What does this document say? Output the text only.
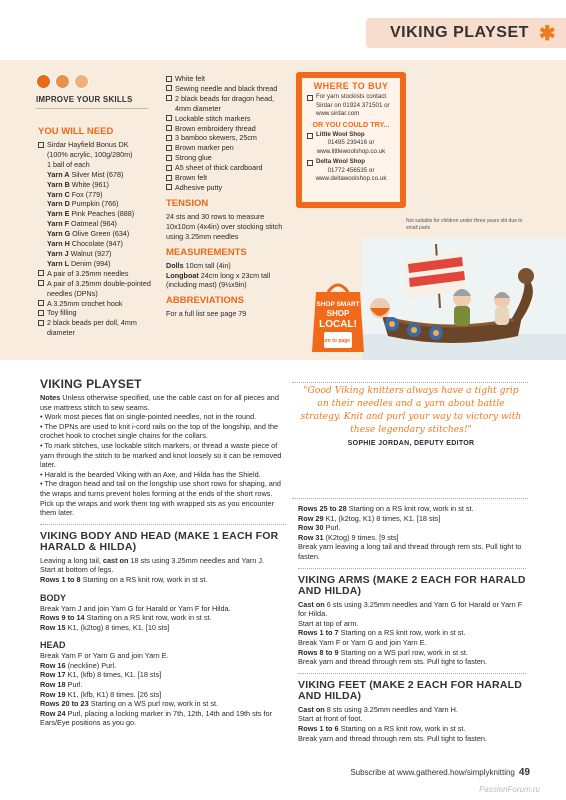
VIKING PLAYSET ✱
IMPROVE YOUR SKILLS
YOU WILL NEED
Sirdar Hayfield Bonus DK
(100% acrylic, 100g/280m)
1 ball of each
Yarn A Silver Mist (678)
Yarn B White (961)
Yarn C Fox (779)
Yarn D Pumpkin (766)
Yarn E Pink Peaches (888)
Yarn F Oatmeal (964)
Yarn G Olive Green (634)
Yarn H Chocolate (947)
Yarn J Walnut (927)
Yarn L Denim (994)
A pair of 3.25mm needles
A pair of 3.25mm double-pointed needles (DPNs)
A 3.25mm crochet hook
Toy filling
2 black beads per doll, 4mm diameter
White felt
Sewing needle and black thread
2 black beads for dragon head, 4mm diameter
Lockable stitch markers
Brown embroidery thread
3 bamboo skewers, 25cm
Brown marker pen
Strong glue
A5 sheet of thick cardboard
Brown felt
Adhesive putty
TENSION
24 sts and 30 rows to measure 10x10cm (4x4in) over stocking stitch using 3.25mm needles
MEASUREMENTS
Dolls 10cm tall (4in)
Longboat 24cm long x 23cm tall (including mast) (9½x9in)
ABBREVIATIONS
For a full list see page 79
WHERE TO BUY
For yarn stockists contact Sirdar on 01924 371501 or www.sirdar.com
OR YOU COULD TRY...
Little Wool Shop
01495 239416 or www.littlewoolshop.co.uk
Delta Wool Shop
01772 456535 or www.deltawoolshop.co.uk
Not suitable for children under three years old due to small parts
SHOP SMART
SHOP
LOCAL!
Turn to page 7!
"Good Viking knitters always have a tight grip on their needles and a yarn about battle strategy. Knit and purl your way to victory with these legendary stitches!"
SOPHIE JORDAN, DEPUTY EDITOR
VIKING PLAYSET

Notes Unless otherwise specified, use the cable cast on for all pieces and use mattress stitch to sew seams.

• Work most pieces flat on single-pointed needles, not in the round.

• The DPNs are used to knit i-cord rails on the top of the longship, and the crochet hook to crochet single chains for the collars.

• To mark stitches, use lockable stitch markers, or thread a waste piece of yarn through the stitch to be marked and knot loosely so it can be removed later.

• Harald is the bearded Viking with an Axe, and Hilda has the Shield.

• The dragon head and tail on the longship use short rows for shaping, and the wraps and turns prevent holes forming at the ends of the short rows. Pick up the wraps and work them tog with wrapped sts as you encounter them later.

VIKING BODY AND HEAD (MAKE 1 EACH FOR HARALD & HILDA)

Leaving a long tail, cast on 18 sts using 3.25mm needles and Yarn J.
Start at bottom of legs.

Rows 1 to 8 Starting on a RS knit row, work in st st.

BODY

Break Yarn J and join Yarn G for Harald or Yarn F for Hilda.

Rows 9 to 14 Starting on a RS knit row, work in st st.

Row 15 K1, (k2tog) 8 times, K1. [10 sts]

HEAD

Break Yarn F or Yarn G and join Yarn E.

Row 16 (neckline) Purl.

Row 17 K1, (kfb) 8 times, K1. [18 sts]

Row 18 Purl.

Row 19 K1, (kfb, K1) 8 times. [26 sts]

Rows 20 to 23 Starting on a WS purl row, work in st st.

Row 24 Purl, placing a locking marker in 7th, 12th, 14th and 19th sts for Ears/Eye positions as you go.

Rows 25 to 28 Starting on a RS knit row, work in st st.

Row 29 K1, (k2tog, K1) 8 times, K1. [18 sts]

Row 30 Purl.

Row 31 (K2tog) 9 times. [9 sts]

Break yarn leaving a long tail and thread through rem sts. Pull tight to fasten.

VIKING ARMS (MAKE 2 EACH FOR HARALD AND HILDA)

Cast on 6 sts using 3.25mm needles and Yarn G for Harald or Yarn F for Hilda.

Start at top of arm.

Rows 1 to 7 Starting on a RS knit row, work in st st.

Break Yarn F or Yarn G and join Yarn E.

Rows 8 to 9 Starting on a WS purl row, work in st st.

Break yarn and thread through rem sts. Pull tight to fasten.

VIKING FEET (MAKE 2 EACH FOR HARALD AND HILDA)

Cast on 8 sts using 3.25mm needles and Yarn H.

Start at front of foot.

Rows 1 to 6 Starting on a RS knit row, work in st st.

Break yarn and thread through rem sts. Pull tight to fasten.

Subscribe at www.gathered.how/simplyknitting 49
PassionForum.ru
